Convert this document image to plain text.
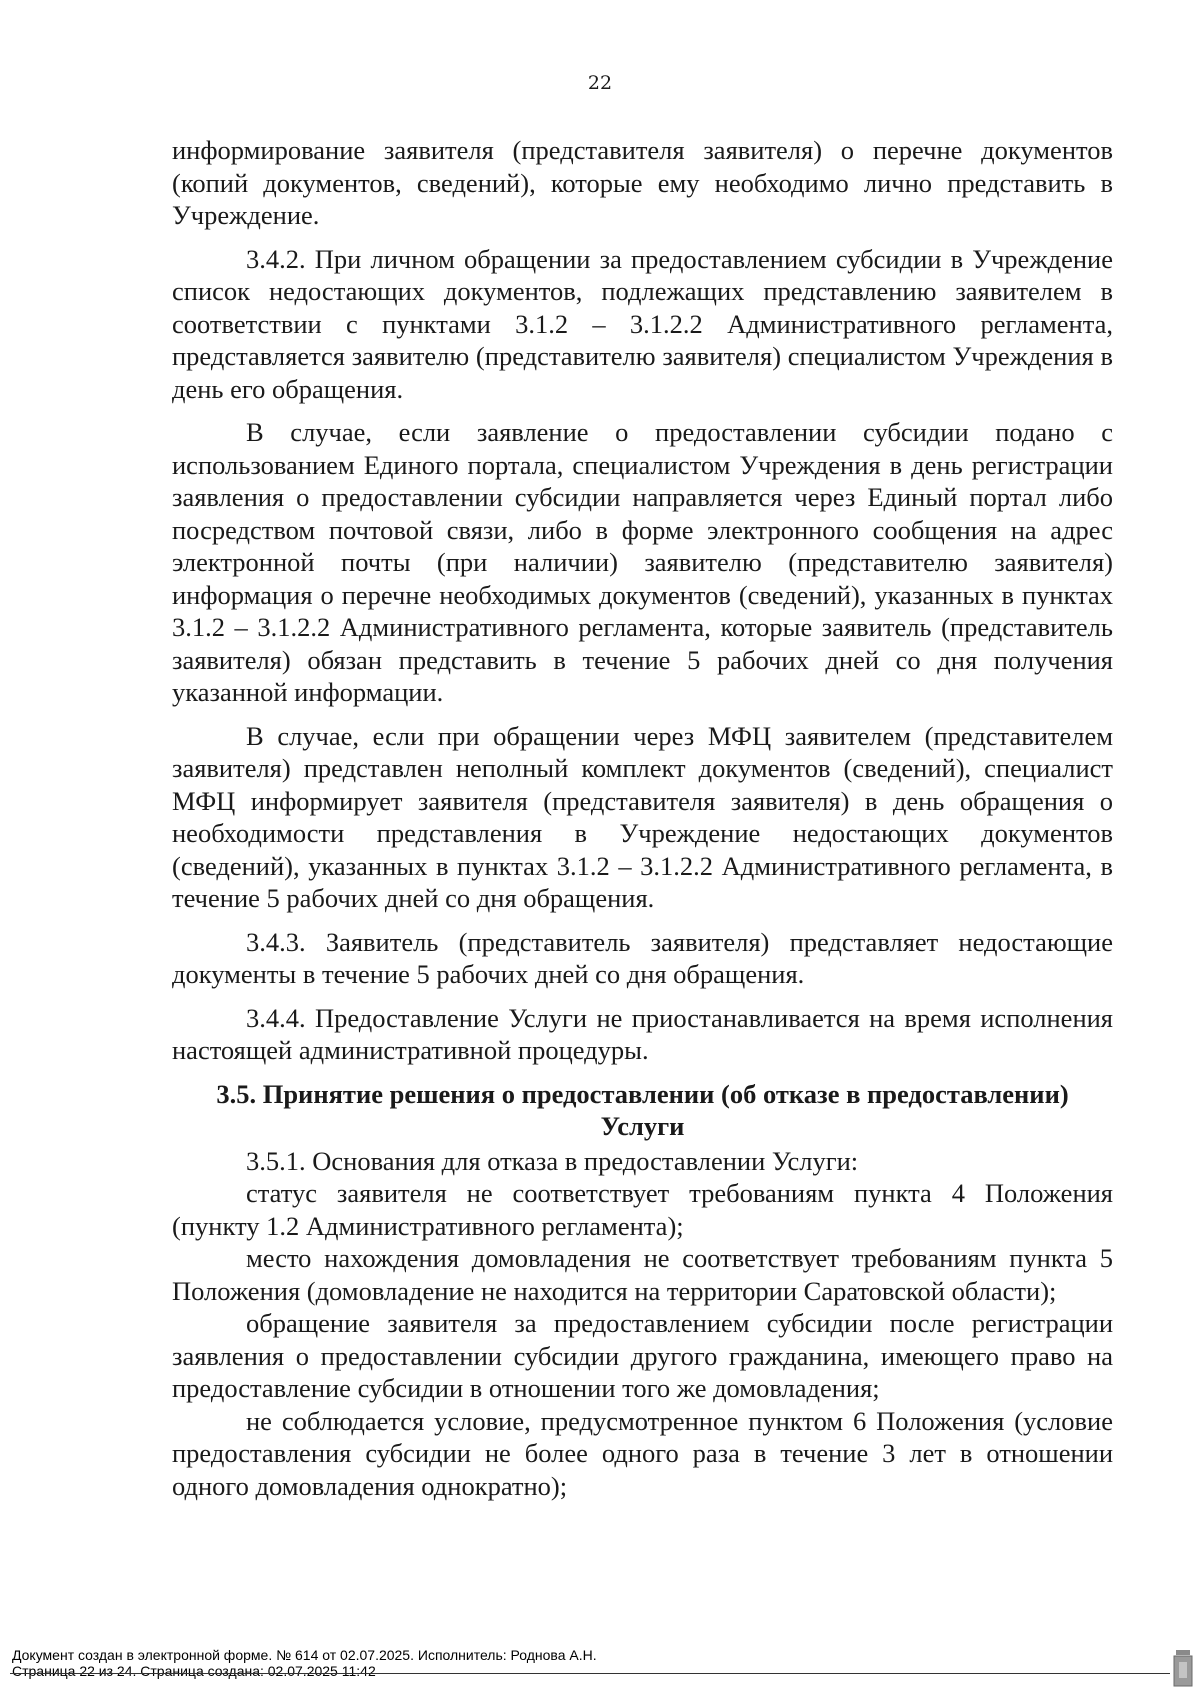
22

информирование заявителя (представителя заявителя) о перечне документов (копий документов, сведений), которые ему необходимо лично представить в Учреждение.

3.4.2. При личном обращении за предоставлением субсидии в Учреждение список недостающих документов, подлежащих представлению заявителем в соответствии с пунктами 3.1.2 – 3.1.2.2 Административного регламента, представляется заявителю (представителю заявителя) специалистом Учреждения в день его обращения.

В случае, если заявление о предоставлении субсидии подано с использованием Единого портала, специалистом Учреждения в день регистрации заявления о предоставлении субсидии направляется через Единый портал либо посредством почтовой связи, либо в форме электронного сообщения на адрес электронной почты (при наличии) заявителю (представителю заявителя) информация о перечне необходимых документов (сведений), указанных в пунктах 3.1.2 – 3.1.2.2 Административного регламента, которые заявитель (представитель заявителя) обязан представить в течение 5 рабочих дней со дня получения указанной информации.

В случае, если при обращении через МФЦ заявителем (представителем заявителя) представлен неполный комплект документов (сведений), специалист МФЦ информирует заявителя (представителя заявителя) в день обращения о необходимости представления в Учреждение недостающих документов (сведений), указанных в пунктах 3.1.2 – 3.1.2.2 Административного регламента, в течение 5 рабочих дней со дня обращения.

3.4.3. Заявитель (представитель заявителя) представляет недостающие документы в течение 5 рабочих дней со дня обращения.

3.4.4. Предоставление Услуги не приостанавливается на время исполнения настоящей административной процедуры.

3.5. Принятие решения о предоставлении (об отказе в предоставлении) Услуги

3.5.1. Основания для отказа в предоставлении Услуги:

статус заявителя не соответствует требованиям пункта 4 Положения (пункту 1.2 Административного регламента);

место нахождения домовладения не соответствует требованиям пункта 5 Положения (домовладение не находится на территории Саратовской области);

обращение заявителя за предоставлением субсидии после регистрации заявления о предоставлении субсидии другого гражданина, имеющего право на предоставление субсидии в отношении того же домовладения;

не соблюдается условие, предусмотренное пунктом 6 Положения (условие предоставления субсидии не более одного раза в течение 3 лет в отношении одного домовладения однократно);

Документ создан в электронной форме. № 614 от 02.07.2025. Исполнитель: Роднова А.Н.
Страница 22 из 24. Страница создана: 02.07.2025 11:42
